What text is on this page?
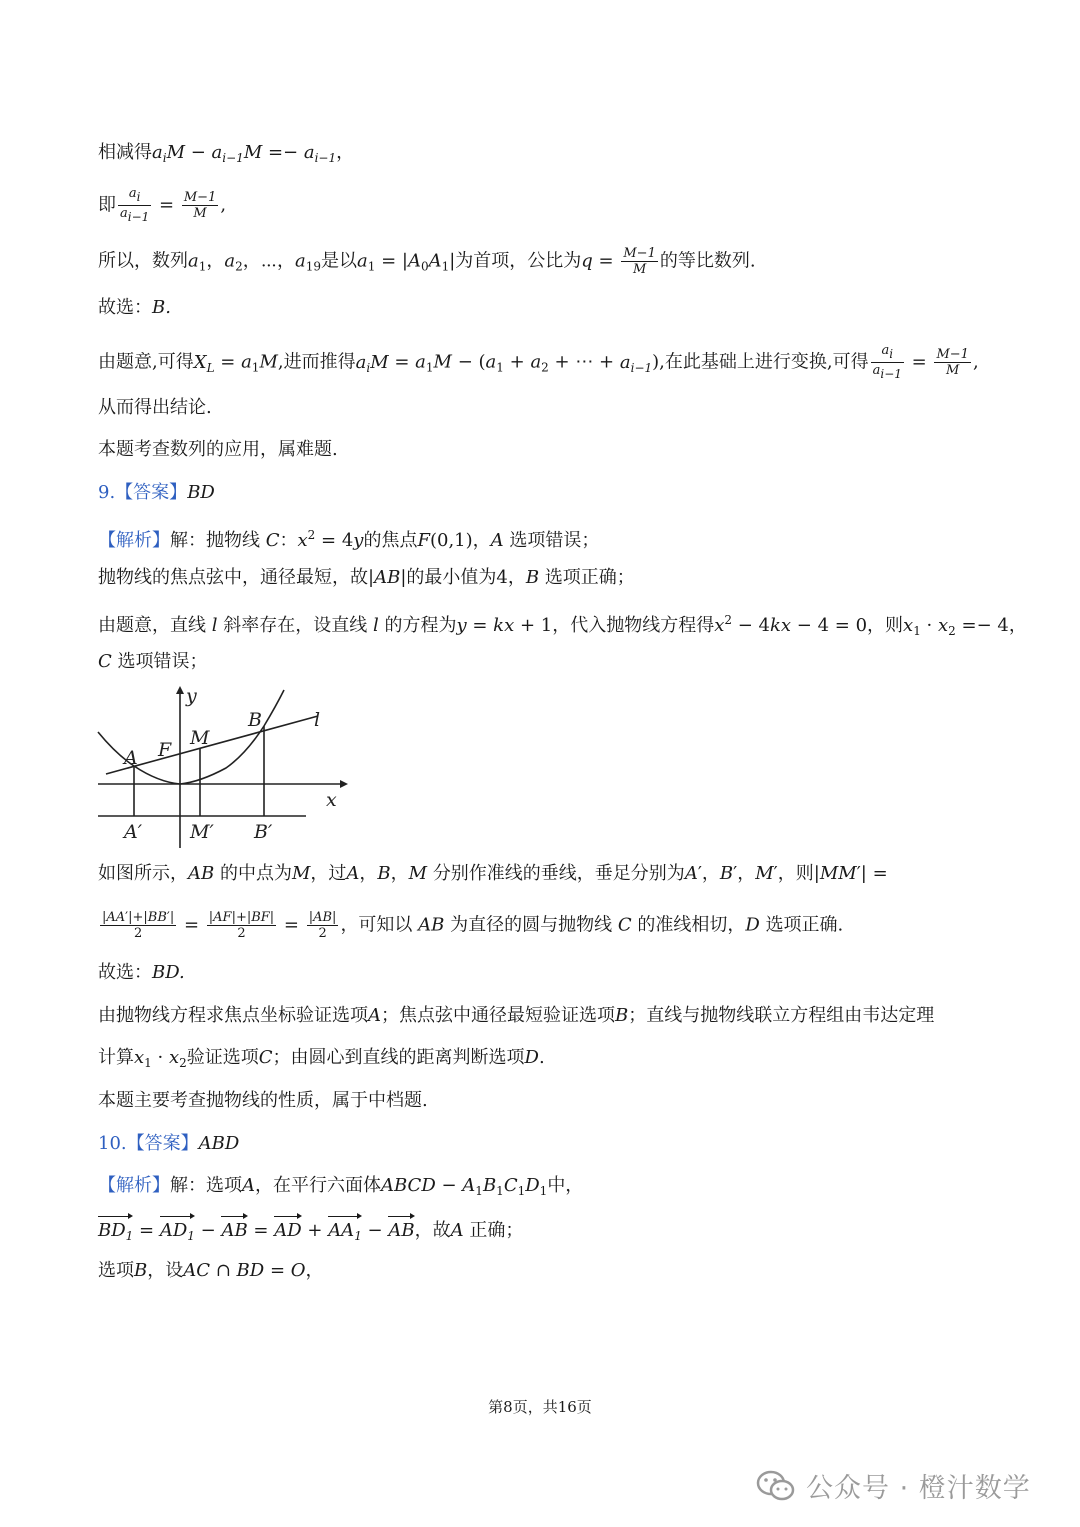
相减得$a_iM - a_{i-1}M =- a_{i-1}$，
即 $\frac{a_i}{a_{i-1}} = \frac{M-1}{M}$ ,
所以，数列$a_1$，$a_2$，⋯，$a_{19}$是以$a_1 = |A_0A_1|$为首项，公比为$q = \frac{M-1}{M}$ 的等比数列.
故选：B.
由题意,可得$X_L = a_1M$,进而推得$a_iM = a_1M - (a_1 + a_2$ + ⋯ + $a_{i-1}$),在此基础上进行变换,可得 $\frac{a_i}{a_{i-1}} = \frac{M-1}{M}$ ,
从而得出结论.
本题考查数列的应用，属难题.
9.【答案】BD
【解析】解：抛物线 C：$x^2 = 4y$的焦点F(0,1)，A 选项错误；
抛物线的焦点弦中，通径最短，故|AB|的最小值为4，B 选项正确；
由题意，直线 l 斜率存在，设直线 l 的方程为y = kx + 1，代入抛物线方程得$x^2 - 4kx - 4 = 0$，则$x_1 \cdot x_2 =- 4$，
C 选项错误；
y
x
A F
M
B	l
A′	M′ B′
如图所示，AB 的中点为M，过A，B，M 分别作准线的垂线，垂足分别为A′，B′，M′，则|MM′| =
$\frac{|AA'|+|BB'|}{2} = \frac{|AF|+|BF|}{2} = \frac{|AB|}{2}$ ，可知以 AB 为直径的圆与抛物线 C 的准线相切，D 选项正确.
故选：BD.
由抛物线方程求焦点坐标验证选项A；焦点弦中通径最短验证选项B；直线与抛物线联立方程组由韦达定理
计算$x_1 \cdot x_2$验证选项C；由圆心到直线的距离判断选项D.
本题主要考查抛物线的性质，属于中档题.
10.【答案】ABD
【解析】解：选项A，在平行六面体ABCD − $A_1B_1C_1D_1$中，
$BD_1 = AD_1$ − AB = AD + $AA_1$ − AB，故A 正确；
选项B，设AC ∩ BD = O，
第8页，共16页
公众号 · 橙汁数学
